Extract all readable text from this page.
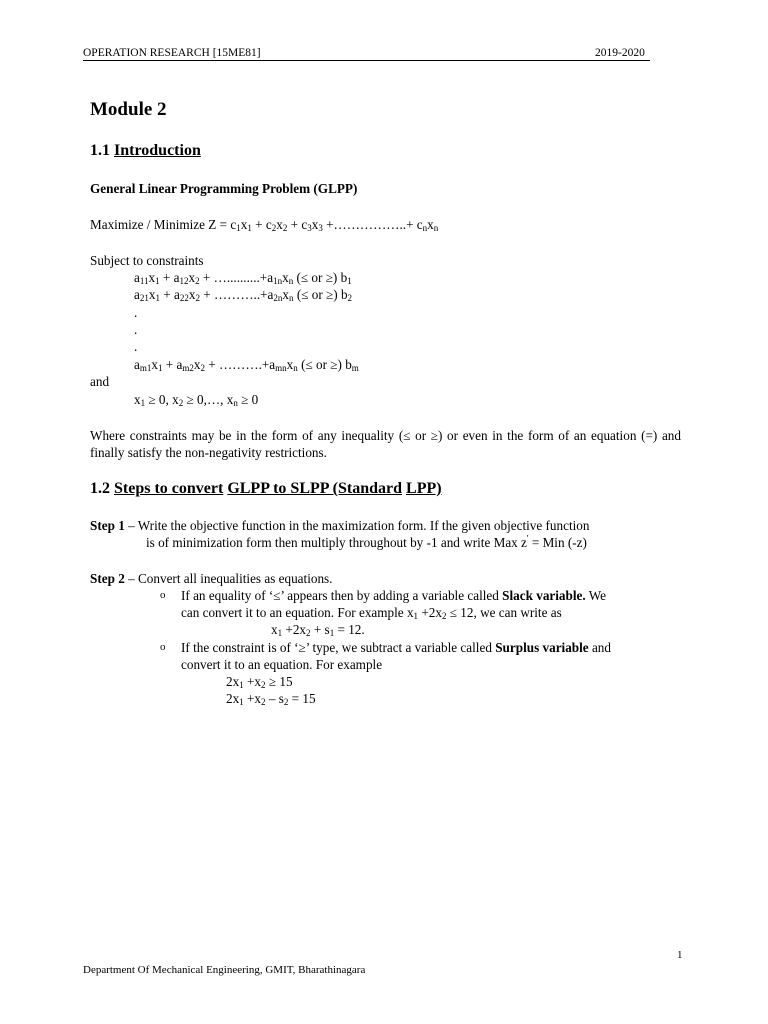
OPERATION RESEARCH [15ME81]	2019-2020
Module 2
1.1 Introduction
General Linear Programming Problem (GLPP)
Maximize / Minimize $Z = c_1x_1 + c_2x_2 + c_3x_3$ +……………..+ $c_nx_n$
Subject to constraints
$a_{11}x_1 + a_{12}x_2$ + $\dots..........+a_{1n}x_n$ (≤ or ≥) $b_1$
$a_{21}x_1 + a_{22}x_2$ + $\dots\dots\dots..+a_{2n}x_n$ (≤ or ≥) $b_2$
.
.
.
$a_{m1}x_1 + a_{m2}x_2$ + $\dots\dots\dots.+a_{mn}x_n$ (≤ or ≥) $b_m$
and
$x_1 \ge 0$, $x_2$ ≥ 0,…, $x_n \ge 0$
Where constraints may be in the form of any inequality (≤ or ≥) or even in the form of an equation (=) and finally satisfy the non-negativity restrictions.
1.2 Steps to convert GLPP to SLPP (Standard LPP)
Step 1 – Write the objective function in the maximization form. If the given objective function
is of minimization form then multiply throughout by -1 and write Max z' = Min (-z)
Step 2 – Convert all inequalities as equations.
o If an equality of ‘≤’ appears then by adding a variable called Slack variable. We
can convert it to an equation. For example $x_1 +2x_2 \le 12$, we can write as
$x_1 +2x_2 + s_1 = 12$.
o If the constraint is of ‘≥’ type, we subtract a variable called Surplus variable and
convert it to an equation. For example
$2x_1 +x_2 \ge 15$
$2x_1 +x_2 - s_2 = 15$
1
Department Of Mechanical Engineering, GMIT, Bharathinagara
